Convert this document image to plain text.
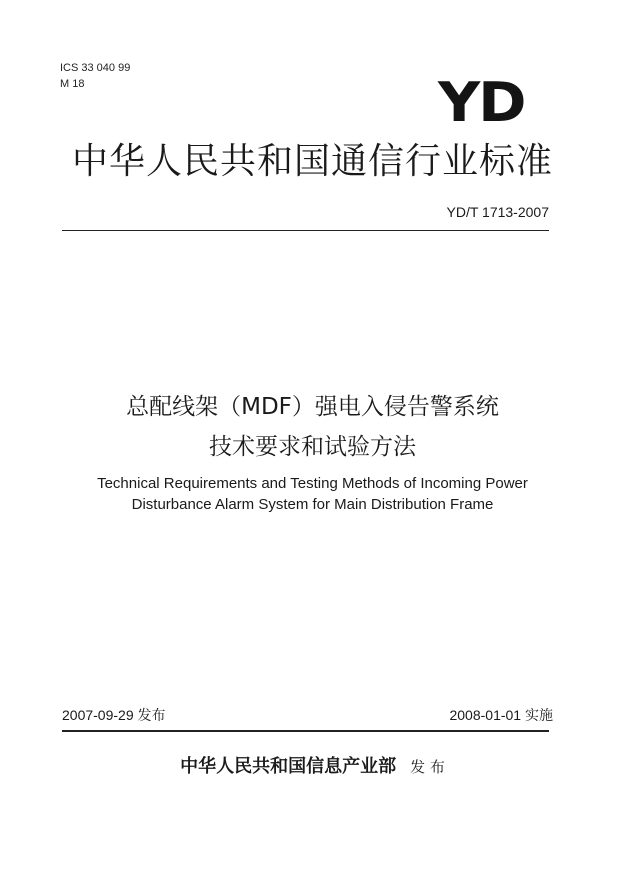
ICS 33 040 99
M 18	YD
中华人民共和国通信行业标准
YD/T 1713-2007
总配线架（MDF）强电入侵告警系统
技术要求和试验方法
Technical Requirements and Testing Methods of Incoming Power
Disturbance Alarm System for Main Distribution Frame
2007-09-29 发布	2008-01-01 实施
中华人民共和国信息产业部 发 布
